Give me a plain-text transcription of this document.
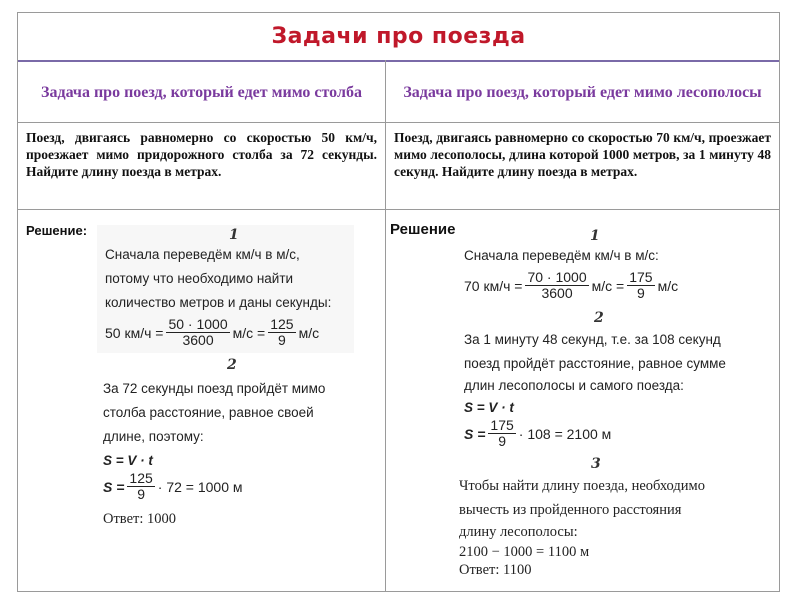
Задачи про поезда
Задача про поезд, который едет мимо столба	Задача про поезд, который едет мимо лесополосы
Поезд, двигаясь равномерно со скоростью 50 км/ч, проезжает мимо придорожного столба за 72 секунды. Найдите длину поезда в метрах.
Поезд, двигаясь равномерно со скоростью 70 км/ч, проезжает мимо лесополосы, длина которой 1000 метров, за 1 минуту 48 секунд. Найдите длину поезда в метрах.
Решение:	Решение
1
Сначала переведём км/ч в м/с,
потому что необходимо найти
количество метров и даны секунды:
50 $км/ч = \frac{50 \cdot 1000}{3600} м/с = \frac{125}{9} м/с$
2
За 72 секунды поезд пройдёт мимо
столба расстояние, равное своей
длине, поэтому:
S = V · t
$S = \frac{125}{9} \cdot 72 = 1000$ м
Ответ: 1000
1
Сначала переведём км/ч в м/с:
70 $км/ч = \frac{70 \cdot 1000}{3600} м/с = \frac{175}{9} м/с$
2
За 1 минуту 48 секунд, т.е. за 108 секунд
поезд пройдёт расстояние, равное сумме
длин лесополосы и самого поезда:
S = V · t
$S = \frac{175}{9} \cdot 108 = 2100$ м
3
Чтобы найти длину поезда, необходимо
вычесть из пройденного расстояния
длину лесополосы:
2100 − 1000 = 1100 м
Ответ: 1100
